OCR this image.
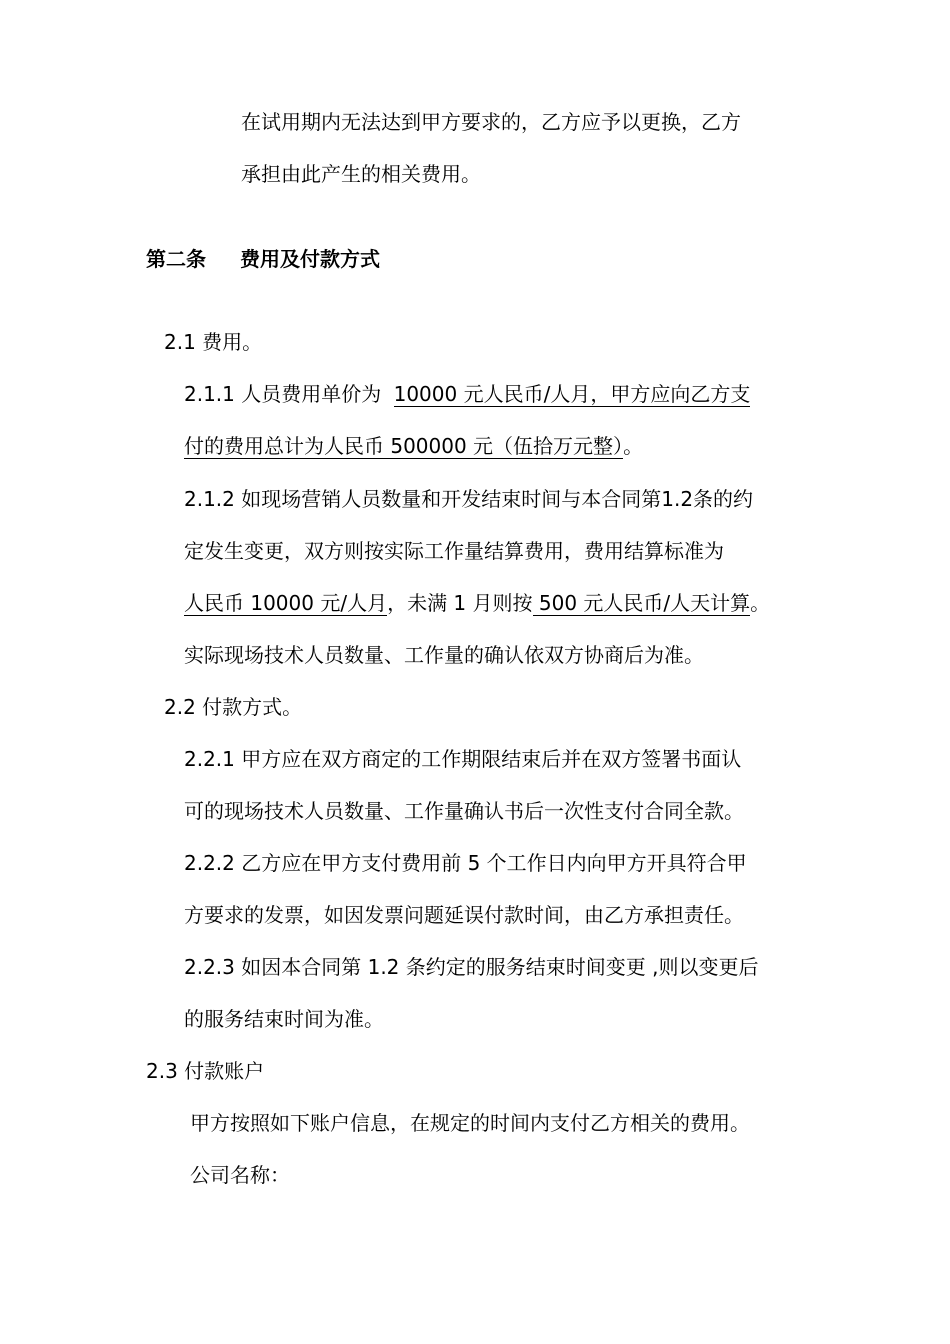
在试用期内无法达到甲方要求的，乙方应予以更换，乙方
承担由此产生的相关费用。
第二条 费用及付款方式
2.1 费用。
2.1.1 人员费用单价为 10000 元人民币/人月，甲方应向乙方支
付的费用总计为人民币 500000 元（伍拾万元整）。
2.1.2 如现场营销人员数量和开发结束时间与本合同第1.2条的约
定发生变更，双方则按实际工作量结算费用，费用结算标准为
人民币 10000 元/人月，未满 1 月则按 500 元人民币/人天计算。
实际现场技术人员数量、工作量的确认依双方协商后为准。
2.2 付款方式。
2.2.1 甲方应在双方商定的工作期限结束后并在双方签署书面认
可的现场技术人员数量、工作量确认书后一次性支付合同全款。
2.2.2 乙方应在甲方支付费用前 5 个工作日内向甲方开具符合甲
方要求的发票，如因发票问题延误付款时间，由乙方承担责任。
2.2.3 如因本合同第 1.2 条约定的服务结束时间变更 ,则以变更后
的服务结束时间为准。
2.3 付款账户
甲方按照如下账户信息，在规定的时间内支付乙方相关的费用。
公司名称：
